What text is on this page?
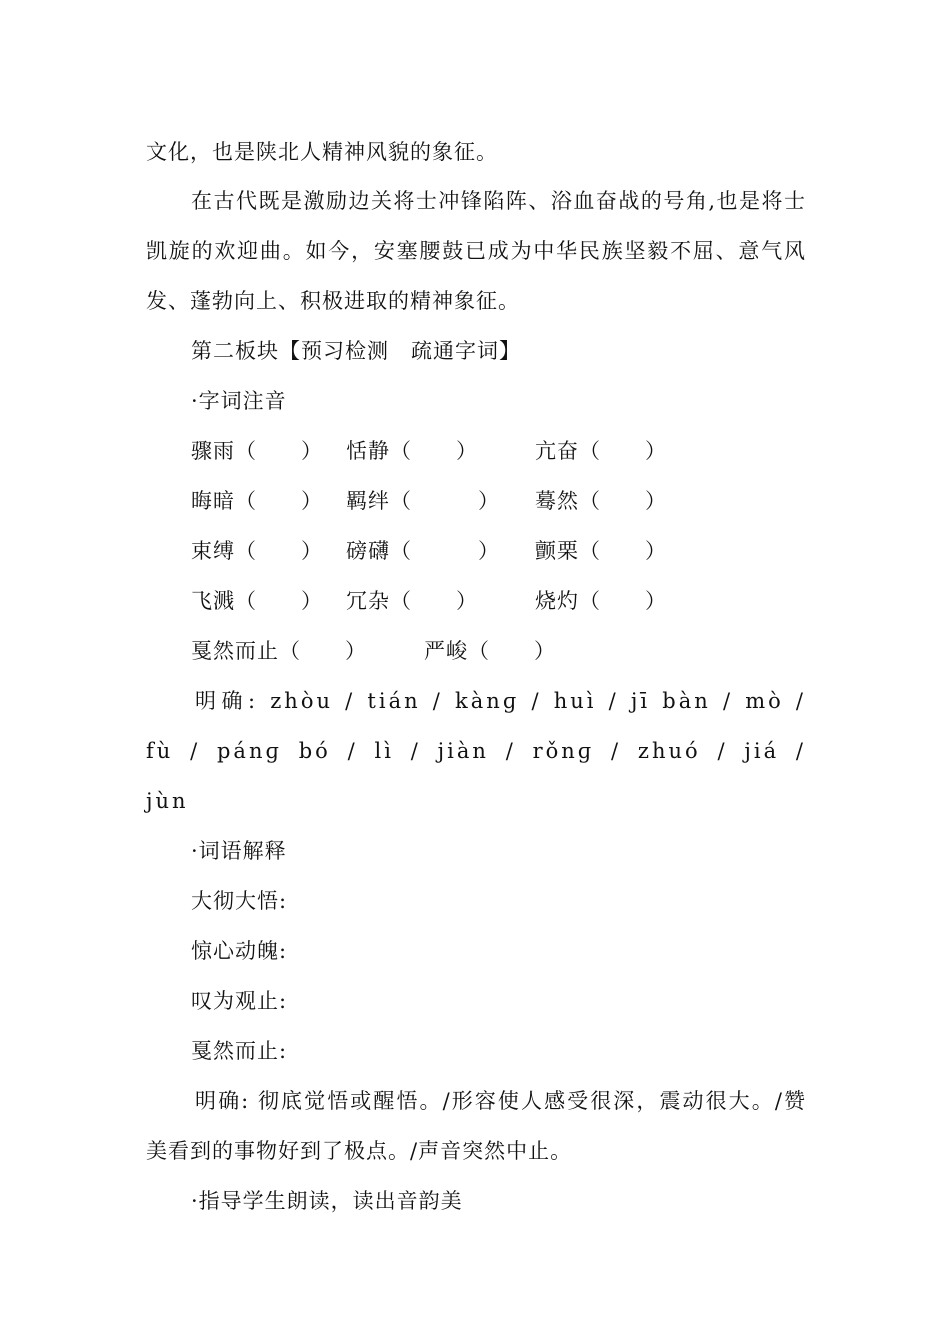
文化，也是陕北人精神风貌的象征。
在古代既是激励边关将士冲锋陷阵、浴血奋战的号角,也是将士
凯旋的欢迎曲。如今，安塞腰鼓已成为中华民族坚毅不屈、意气风
发、蓬勃向上、积极进取的精神象征。
第二板块【预习检测　疏通字词】
·字词注音
骤雨（　　） 恬静（　　）	亢奋（　　）
晦暗（　　） 羁绊（　　　） 蓦然（　　）
束缚（　　） 磅礴（　　　） 颤栗（　　）
飞溅（　　） 冗杂（　　）	烧灼（　　）
戛然而止（　　）	严峻（　　）
明确: zhòu / tián / kànɡ / huì / jī bàn / mò /
fù / pánɡ bó / lì / jiàn / rǒnɡ / zhuó / jiá /
jùn
·词语解释
大彻大悟:
惊心动魄:
叹为观止:
戛然而止:
明确: 彻底觉悟或醒悟。/形容使人感受很深，震动很大。/赞
美看到的事物好到了极点。/声音突然中止。
·指导学生朗读，读出音韵美
